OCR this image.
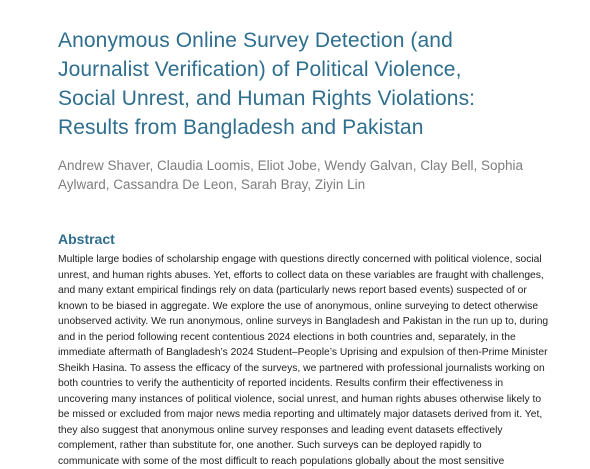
Anonymous Online Survey Detection (and
Journalist Verification) of Political Violence,
Social Unrest, and Human Rights Violations:
Results from Bangladesh and Pakistan

Andrew Shaver, Claudia Loomis, Eliot Jobe, Wendy Galvan, Clay Bell, Sophia
Aylward, Cassandra De Leon, Sarah Bray, Ziyin Lin

Abstract

Multiple large bodies of scholarship engage with questions directly concerned with political violence, social
unrest, and human rights abuses. Yet, efforts to collect data on these variables are fraught with challenges,
and many extant empirical findings rely on data (particularly news report based events) suspected of or
known to be biased in aggregate. We explore the use of anonymous, online surveying to detect otherwise
unobserved activity. We run anonymous, online surveys in Bangladesh and Pakistan in the run up to, during
and in the period following recent contentious 2024 elections in both countries and, separately, in the
immediate aftermath of Bangladesh’s 2024 Student–People’s Uprising and expulsion of then-Prime Minister
Sheikh Hasina. To assess the efficacy of the surveys, we partnered with professional journalists working on
both countries to verify the authenticity of reported incidents. Results confirm their effectiveness in
uncovering many instances of political violence, social unrest, and human rights abuses otherwise likely to
be missed or excluded from major news media reporting and ultimately major datasets derived from it. Yet,
they also suggest that anonymous online survey responses and leading event datasets effectively
complement, rather than substitute for, one another. Such surveys can be deployed rapidly to
communicate with some of the most difficult to reach populations globally about the most sensitive
